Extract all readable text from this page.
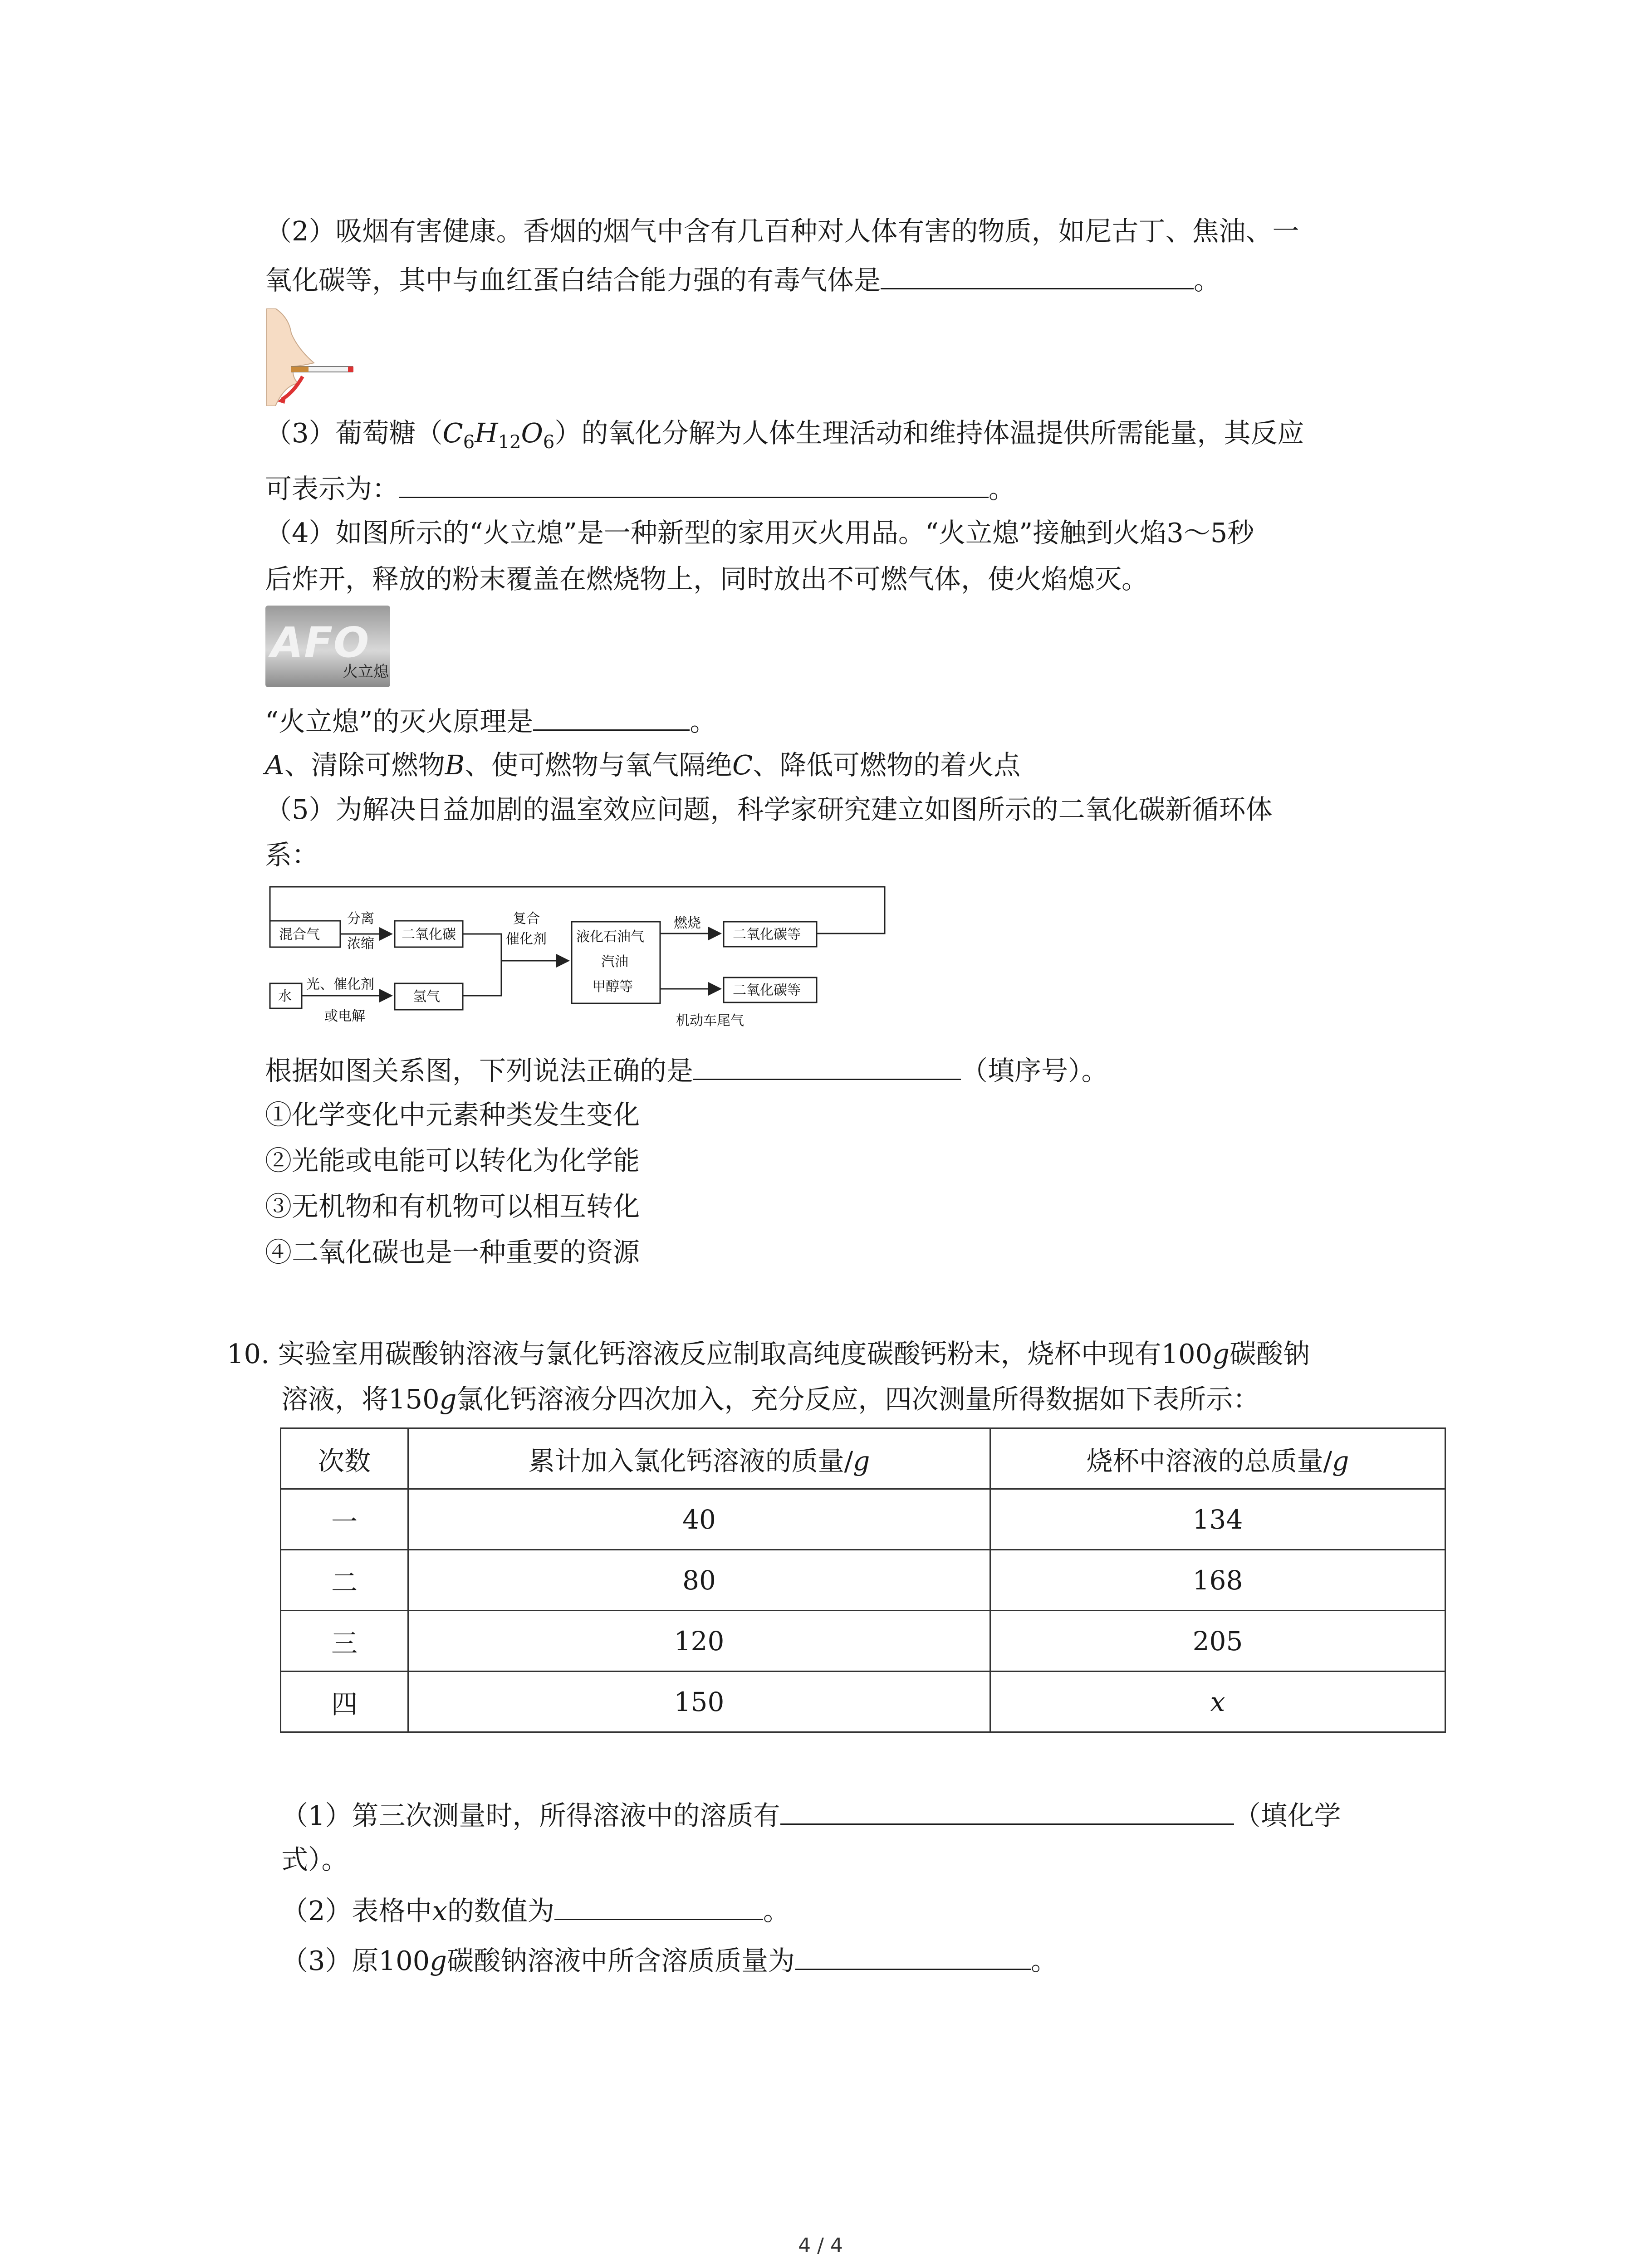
（2）吸烟有害健康。香烟的烟气中含有几百种对人体有害的物质，如尼古丁、焦油、一
氧化碳等，其中与血红蛋白结合能力强的有毒气体是	。
（3）葡萄糖$(C_6H_{12}O_6)$的氧化分解为人体生理活动和维持体温提供所需能量，其反应
可表示为：	。
（4）如图所示的“火立熄”是一种新型的家用灭火用品。“火立熄”接触到火焰3～5秒
后炸开，释放的粉末覆盖在燃烧物上，同时放出不可燃气体，使火焰熄灭。
AFO
火立熄
“火立熄”的灭火原理是	。
A、清除可燃物B、使可燃物与氧气隔绝C、降低可燃物的着火点
（5）为解决日益加剧的温室效应问题，科学家研究建立如图所示的二氧化碳新循环体
系：
混合气
分离
浓缩
二氧化碳
复合
催化剂 液化石油气
汽油
甲醇等
燃烧
二氧化碳等
二氧化碳等
水
光、催化剂
或电解
氢气
机动车尾气
根据如图关系图，下列说法正确的是	（填序号）。
①化学变化中元素种类发生变化
②光能或电能可以转化为化学能
③无机物和有机物可以相互转化
④二氧化碳也是一种重要的资源
10. 实验室用碳酸钠溶液与氯化钙溶液反应制取高纯度碳酸钙粉末，烧杯中现有100g碳酸钠
溶液，将150g氯化钙溶液分四次加入，充分反应，四次测量所得数据如下表所示：
次数	累计加入氯化钙溶液的质量/g	烧杯中溶液的总质量/g
一	40	134
二	80	168
三	120	205
四	150	x
（1）第三次测量时，所得溶液中的溶质有	（填化学
式）。
（2）表格中x的数值为	。
（3）原100g碳酸钠溶液中所含溶质质量为	。
4 / 4
